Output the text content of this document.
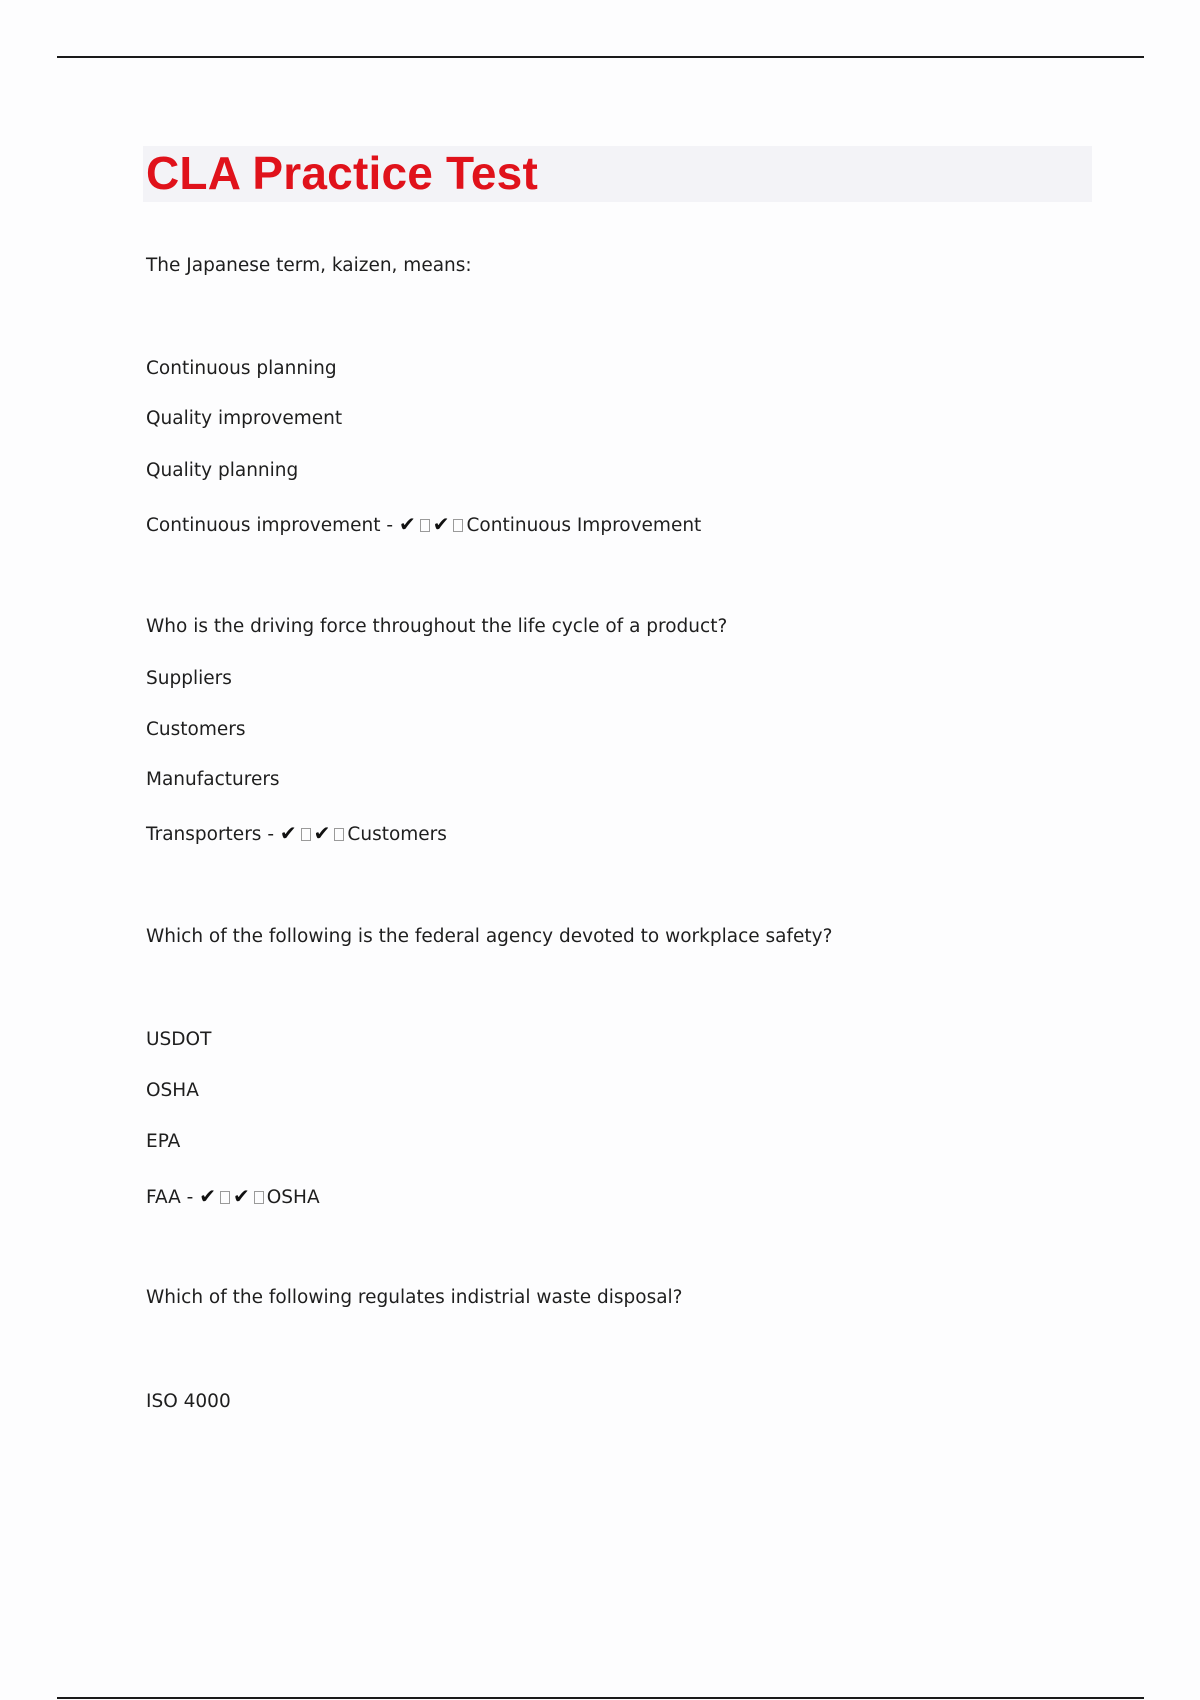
CLA Practice Test

The Japanese term, kaizen, means:

Continuous planning

Quality improvement

Quality planning

Continuous improvement - ✔ ✔ Continuous Improvement

Who is the driving force throughout the life cycle of a product?

Suppliers

Customers

Manufacturers

Transporters - ✔ ✔ Customers

Which of the following is the federal agency devoted to workplace safety?

USDOT

OSHA

EPA

FAA - ✔ ✔ OSHA

Which of the following regulates indistrial waste disposal?

ISO 4000
